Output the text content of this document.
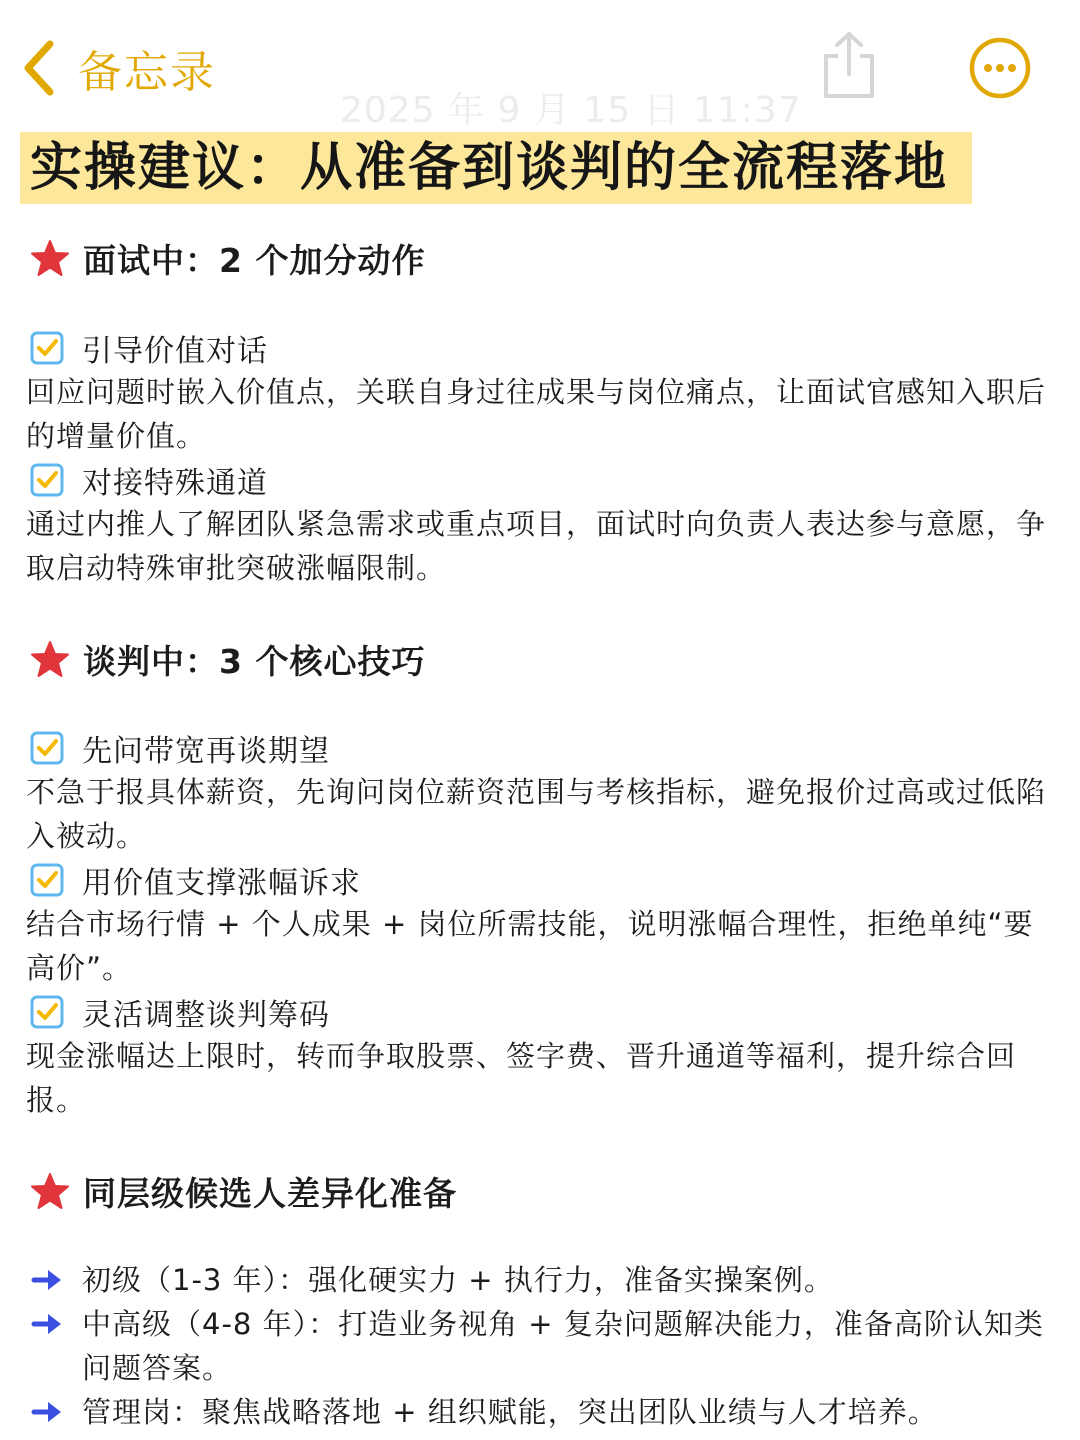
备忘录
2025 年 9 月 15 日 11:37
实操建议：从准备到谈判的全流程落地
面试中：2 个加分动作
引导价值对话
回应问题时嵌入价值点，关联自身过往成果与岗位痛点，让面试官感知入职后的增量价值。
对接特殊通道
通过内推人了解团队紧急需求或重点项目，面试时向负责人表达参与意愿，争取启动特殊审批突破涨幅限制。
谈判中：3 个核心技巧
先问带宽再谈期望
不急于报具体薪资，先询问岗位薪资范围与考核指标，避免报价过高或过低陷入被动。
用价值支撑涨幅诉求
结合市场行情 + 个人成果 + 岗位所需技能，说明涨幅合理性，拒绝单纯“要高价”。
灵活调整谈判筹码
现金涨幅达上限时，转而争取股票、签字费、晋升通道等福利，提升综合回报。
同层级候选人差异化准备
初级（1-3 年）：强化硬实力 + 执行力，准备实操案例。
中高级（4-8 年）：打造业务视角 + 复杂问题解决能力，准备高阶认知类问题答案。
管理岗：聚焦战略落地 + 组织赋能，突出团队业绩与人才培养。
